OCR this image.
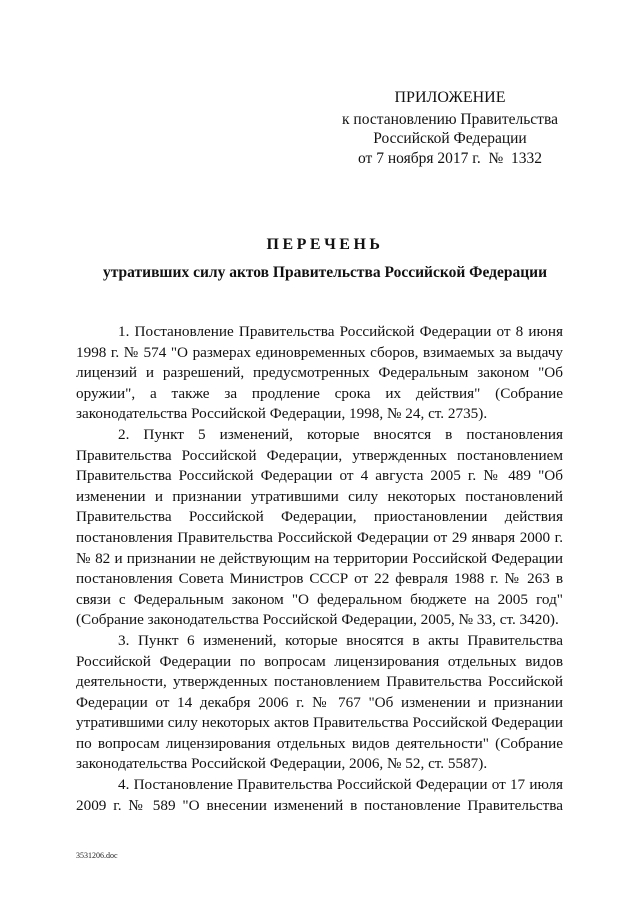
ПРИЛОЖЕНИЕ
к постановлению Правительства
Российской Федерации
от 7 ноября 2017 г.  №  1332
ПЕРЕЧЕНЬ
утративших силу актов Правительства Российской Федерации

1. Постановление Правительства Российской Федерации от 8 июня 1998 г. № 574 "О размерах единовременных сборов, взимаемых за выдачу лицензий и разрешений, предусмотренных Федеральным законом "Об оружии", а также за продление срока их действия" (Собрание законодательства Российской Федерации, 1998, № 24, ст. 2735).

2. Пункт 5 изменений, которые вносятся в постановления Правительства Российской Федерации, утвержденных постановлением Правительства Российской Федерации от 4 августа 2005 г. № 489 "Об изменении и признании утратившими силу некоторых постановлений Правительства Российской Федерации, приостановлении действия постановления Правительства Российской Федерации от 29 января 2000 г. № 82 и признании не действующим на территории Российской Федерации постановления Совета Министров СССР от 22 февраля 1988 г. № 263 в связи с Федеральным законом "О федеральном бюджете на 2005 год" (Собрание законодательства Российской Федерации, 2005, № 33, ст. 3420).

3. Пункт 6 изменений, которые вносятся в акты Правительства Российской Федерации по вопросам лицензирования отдельных видов деятельности, утвержденных постановлением Правительства Российской Федерации от 14 декабря 2006 г. № 767 "Об изменении и признании утратившими силу некоторых актов Правительства Российской Федерации по вопросам лицензирования отдельных видов деятельности" (Собрание законодательства Российской Федерации, 2006, № 52, ст. 5587).

4. Постановление Правительства Российской Федерации от 17 июля 2009 г. № 589 "О внесении изменений в постановление Правительства

3531206.doc
